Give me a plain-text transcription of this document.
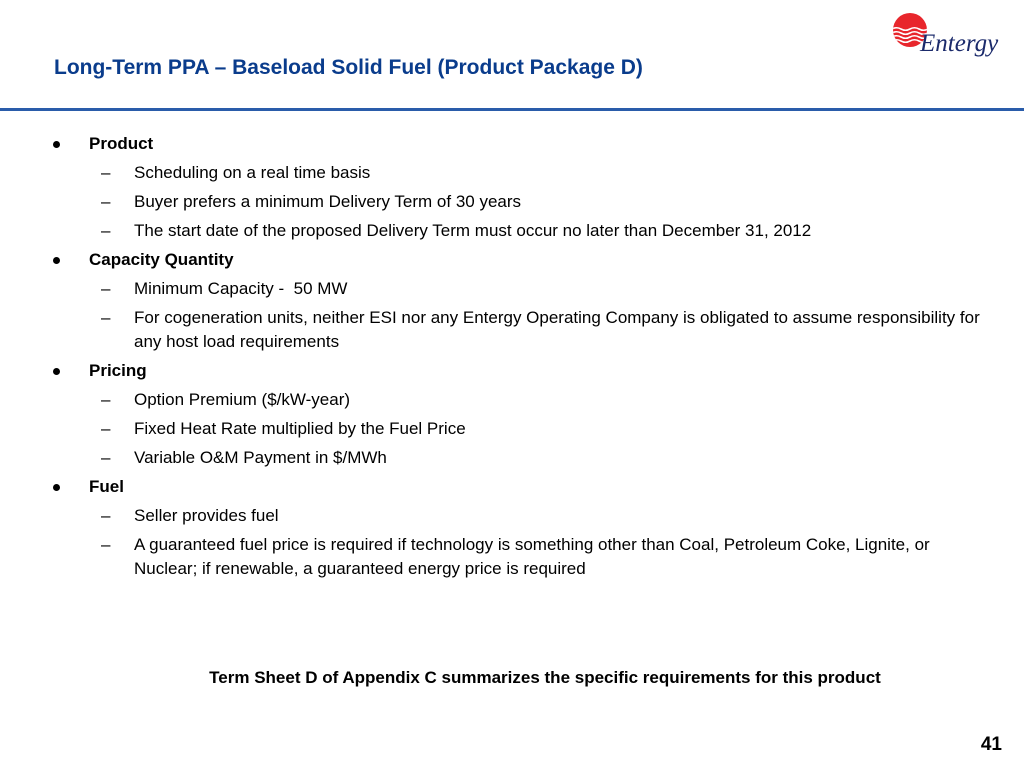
Long-Term PPA – Baseload Solid Fuel (Product Package D)
Entergy
Product
– Scheduling on a real time basis
– Buyer prefers a minimum Delivery Term of 30 years
– The start date of the proposed Delivery Term must occur no later than December 31, 2012
Capacity Quantity
– Minimum Capacity -  50 MW
– For cogeneration units, neither ESI nor any Entergy Operating Company is obligated to assume responsibility for any host load requirements
Pricing
– Option Premium ($/kW-year)
– Fixed Heat Rate multiplied by the Fuel Price
– Variable O&M Payment in $/MWh
Fuel
– Seller provides fuel
– A guaranteed fuel price is required if technology is something other than Coal, Petroleum Coke, Lignite, or Nuclear; if renewable, a guaranteed energy price is required
Term Sheet D of Appendix C summarizes the specific requirements for this product
41
